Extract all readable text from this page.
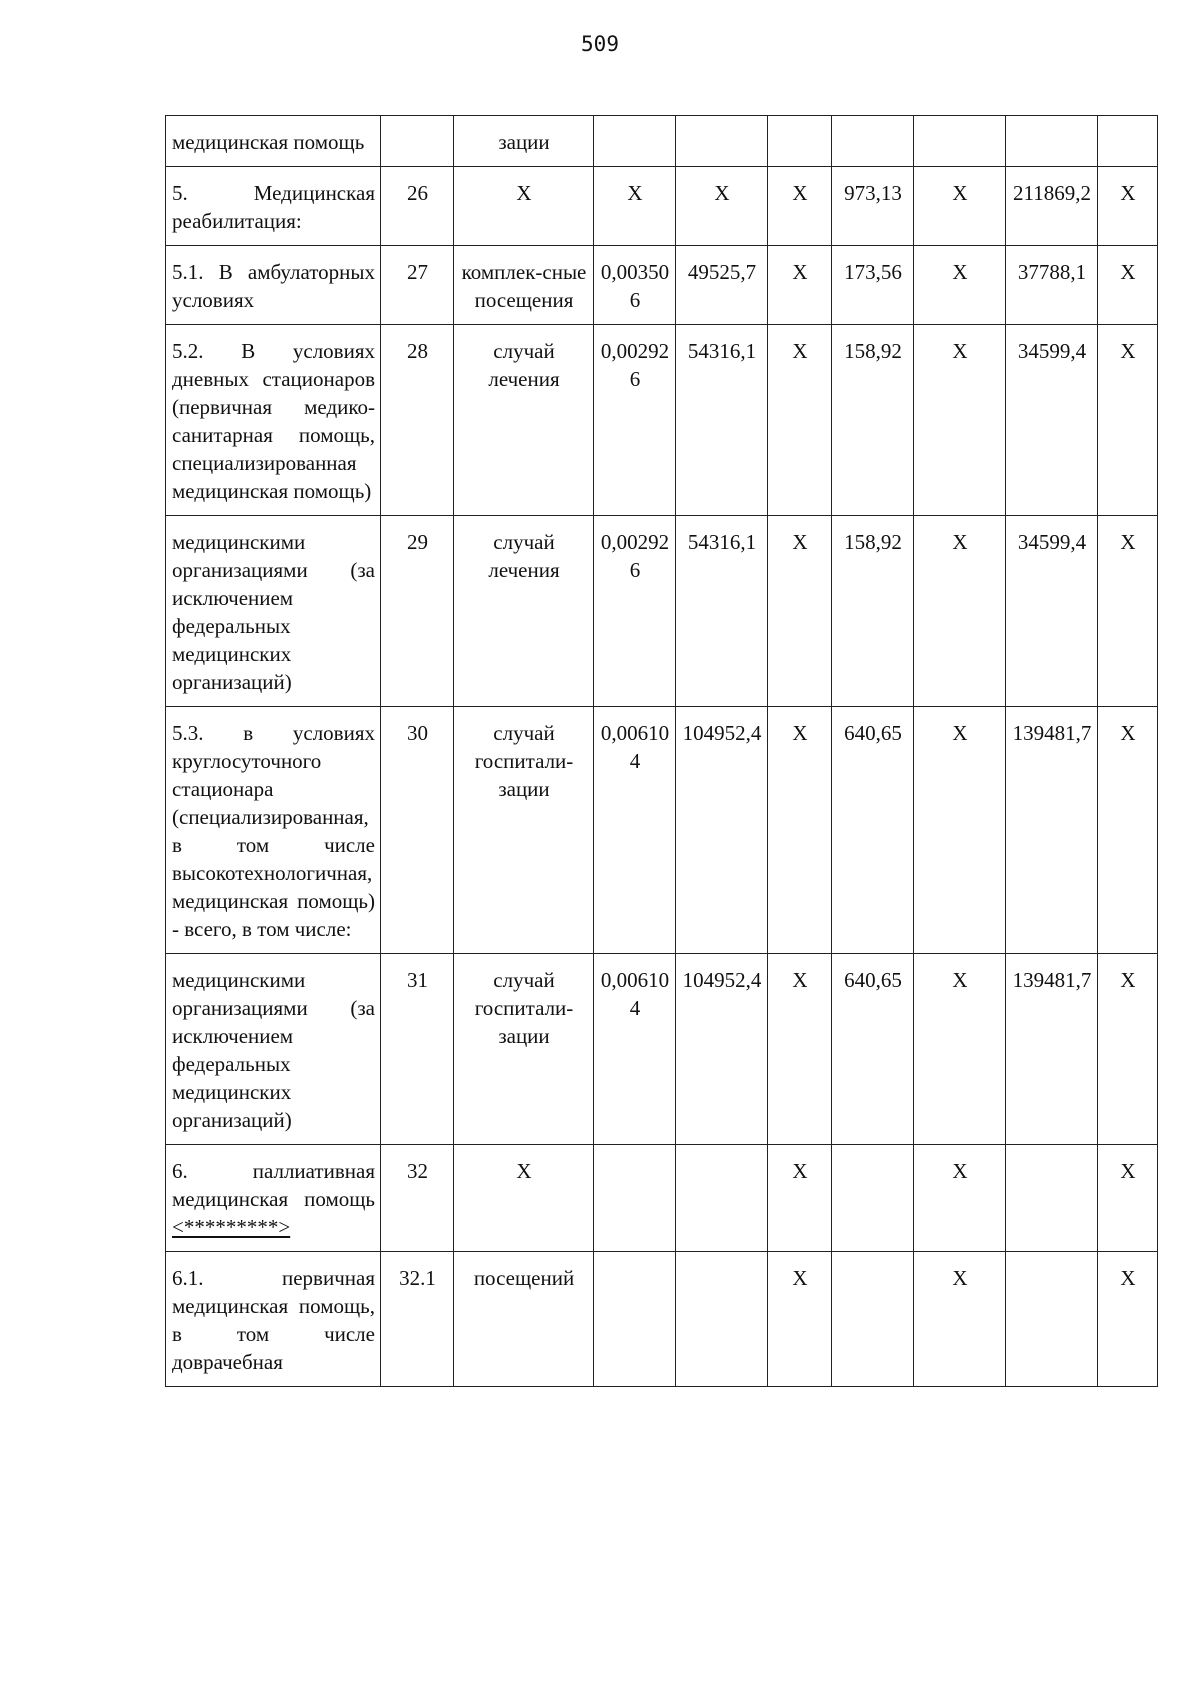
509
медицинская помощь		зации							
5. Медицинская реабилитация:	26	X	X	X	X	973,13	X	211869,2	X
5.1. В амбулаторных условиях	27	комплек-сные посещения	0,003506	49525,7	X	173,56	X	37788,1	X
5.2. В условиях дневных стационаров (первичная медико-санитарная помощь, специализированная медицинская помощь)	28	случай лечения	0,002926	54316,1	X	158,92	X	34599,4	X
медицинскими организациями (за исключением федеральных медицинских организаций)	29	случай лечения	0,002926	54316,1	X	158,92	X	34599,4	X
5.3. в условиях круглосуточного стационара (специализированная, в том числе высокотехнологичная, медицинская помощь) - всего, в том числе:	30	случай госпитали-зации	0,006104	104952,4	X	640,65	X	139481,7	X
медицинскими организациями (за исключением федеральных медицинских организаций)	31	случай госпитали-зации	0,006104	104952,4	X	640,65	X	139481,7	X
6. паллиативная медицинская помощь <*********>	32	X			X		X		X
6.1. первичная медицинская помощь, в том числе доврачебная	32.1	посещений			X		X		X
